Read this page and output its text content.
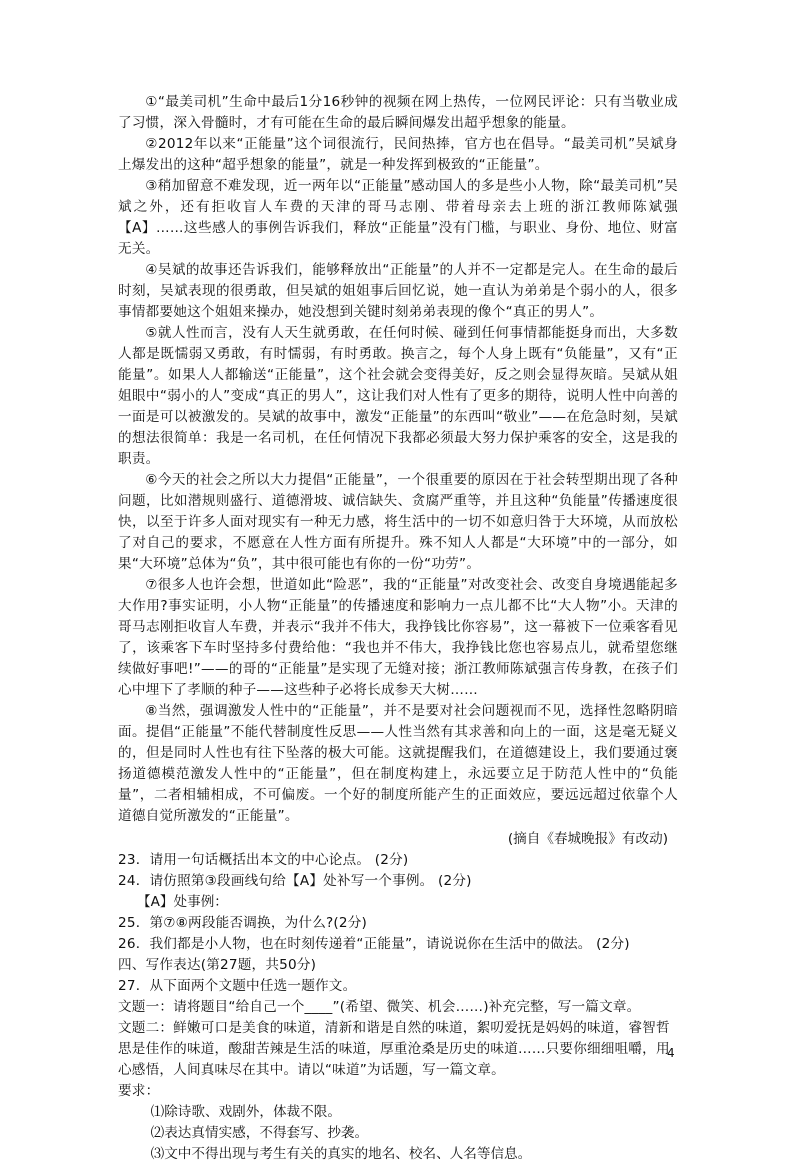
①“最美司机”生命中最后1分16秒钟的视频在网上热传，一位网民评论：只有当敬业成了习惯，深入骨髓时，才有可能在生命的最后瞬间爆发出超乎想象的能量。

②2012年以来“正能量”这个词很流行，民间热捧，官方也在倡导。“最美司机”吴斌身上爆发出的这种“超乎想象的能量”，就是一种发挥到极致的“正能量”。

③稍加留意不难发现，近一两年以“正能量”感动国人的多是些小人物，除“最美司机”吴斌之外，还有拒收盲人车费的天津的哥马志刚、带着母亲去上班的浙江教师陈斌强【A】……这些感人的事例告诉我们，释放“正能量”没有门槛，与职业、身份、地位、财富无关。

④吴斌的故事还告诉我们，能够释放出“正能量”的人并不一定都是完人。在生命的最后时刻，吴斌表现的很勇敢，但吴斌的姐姐事后回忆说，她一直认为弟弟是个弱小的人，很多事情都要她这个姐姐来操办，她没想到关键时刻弟弟表现的像个“真正的男人”。

⑤就人性而言，没有人天生就勇敢，在任何时候、碰到任何事情都能挺身而出，大多数人都是既懦弱又勇敢，有时懦弱，有时勇敢。换言之，每个人身上既有“负能量”，又有“正能量”。如果人人都输送“正能量”，这个社会就会变得美好，反之则会显得灰暗。吴斌从姐姐眼中“弱小的人”变成“真正的男人”，这让我们对人性有了更多的期待，说明人性中向善的一面是可以被激发的。吴斌的故事中，激发“正能量”的东西叫“敬业”——在危急时刻，吴斌的想法很简单：我是一名司机，在任何情况下我都必须最大努力保护乘客的安全，这是我的职责。

⑥今天的社会之所以大力提倡“正能量”，一个很重要的原因在于社会转型期出现了各种问题，比如潜规则盛行、道德滑坡、诚信缺失、贪腐严重等，并且这种“负能量”传播速度很快，以至于许多人面对现实有一种无力感，将生活中的一切不如意归咎于大环境，从而放松了对自己的要求，不愿意在人性方面有所提升。殊不知人人都是“大环境”中的一部分，如果“大环境”总体为“负”，其中很可能也有你的一份“功劳”。

⑦很多人也许会想，世道如此“险恶”，我的“正能量”对改变社会、改变自身境遇能起多大作用?事实证明，小人物“正能量”的传播速度和影响力一点儿都不比“大人物”小。天津的哥马志刚拒收盲人车费，并表示“我并不伟大，我挣钱比你容易”，这一幕被下一位乘客看见了，该乘客下车时坚持多付费给他：“我也并不伟大，我挣钱比您也容易点儿，就希望您继续做好事吧!”——的哥的“正能量”是实现了无缝对接；浙江教师陈斌强言传身教，在孩子们心中埋下了孝顺的种子——这些种子必将长成参天大树……

⑧当然，强调激发人性中的“正能量”，并不是要对社会问题视而不见，选择性忽略阴暗面。提倡“正能量”不能代替制度性反思——人性当然有其求善和向上的一面，这是毫无疑义的，但是同时人性也有往下坠落的极大可能。这就提醒我们，在道德建设上，我们要通过褒扬道德模范激发人性中的“正能量”，但在制度构建上，永远要立足于防范人性中的“负能量”，二者相辅相成，不可偏废。一个好的制度所能产生的正面效应，要远远超过依靠个人道德自觉所激发的“正能量”。

(摘自《春城晚报》有改动)

23．请用一句话概括出本文的中心论点。 (2分)

24．请仿照第③段画线句给【A】处补写一个事例。 (2分)

【A】处事例：

25．第⑦⑧两段能否调换，为什么?(2分)

26．我们都是小人物，也在时刻传递着“正能量”，请说说你在生活中的做法。 (2分)

四、写作表达(第27题，共50分)

27．从下面两个文题中任选一题作文。

文题一：请将题目“给自己一个____”(希望、微笑、机会……)补充完整，写一篇文章。

文题二：鲜嫩可口是美食的味道，清新和谐是自然的味道，絮叨爱抚是妈妈的味道，睿智哲思是佳作的味道，酸甜苦辣是生活的味道，厚重沧桑是历史的味道……只要你细细咀嚼，用心感悟，人间真味尽在其中。请以“味道”为话题，写一篇文章。

要求：

⑴除诗歌、戏剧外，体裁不限。

⑵表达真情实感，不得套写、抄袭。

⑶文中不得出现与考生有关的真实的地名、校名、人名等信息。

4
